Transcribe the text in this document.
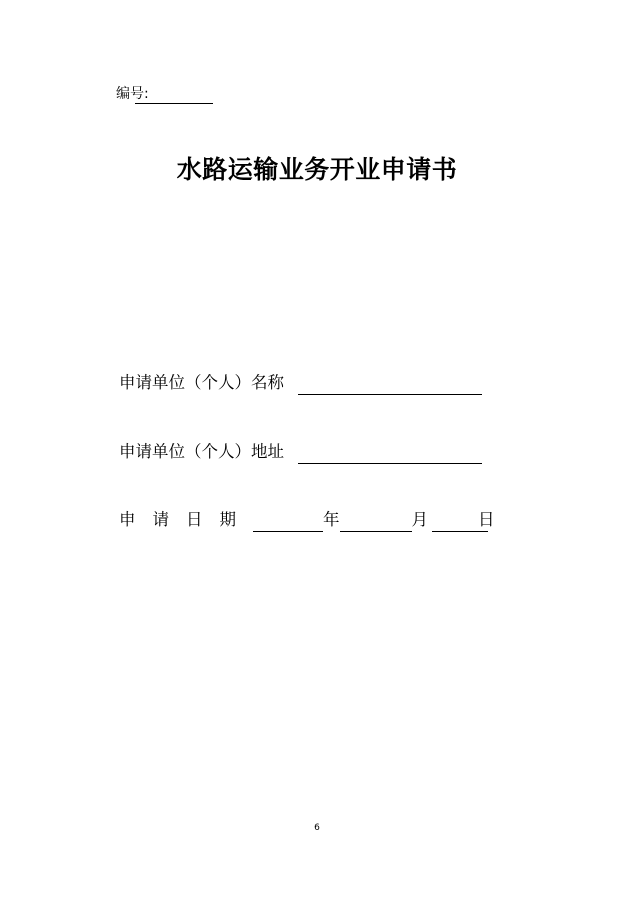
编号:
水路运输业务开业申请书
申请单位（个人）名称
申请单位（个人）地址
申请日期	年	月	日
6
